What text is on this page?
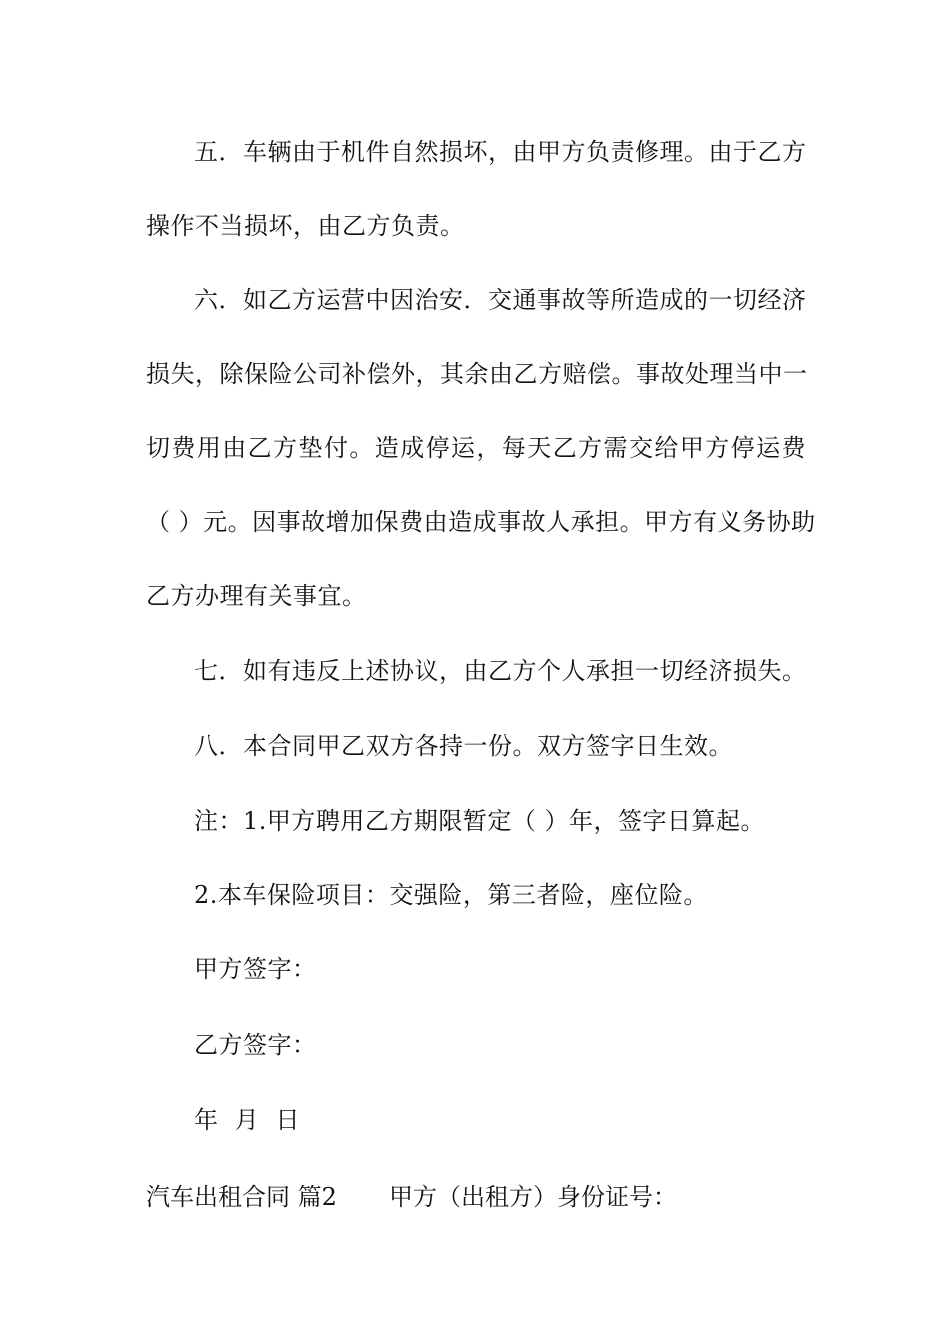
五．车辆由于机件自然损坏，由甲方负责修理。由于乙方
操作不当损坏，由乙方负责。
六．如乙方运营中因治安．交通事故等所造成的一切经济
损失，除保险公司补偿外，其余由乙方赔偿。事故处理当中一
切费用由乙方垫付。造成停运，每天乙方需交给甲方停运费
（ ）元。因事故增加保费由造成事故人承担。甲方有义务协助
乙方办理有关事宜。
七．如有违反上述协议，由乙方个人承担一切经济损失。
八．本合同甲乙双方各持一份。双方签字日生效。
注：1.甲方聘用乙方期限暂定（ ）年，签字日算起。
2.本车保险项目：交强险，第三者险，座位险。
甲方签字：
乙方签字：
年  月  日
汽车出租合同 篇2 甲方（出租方）身份证号：
